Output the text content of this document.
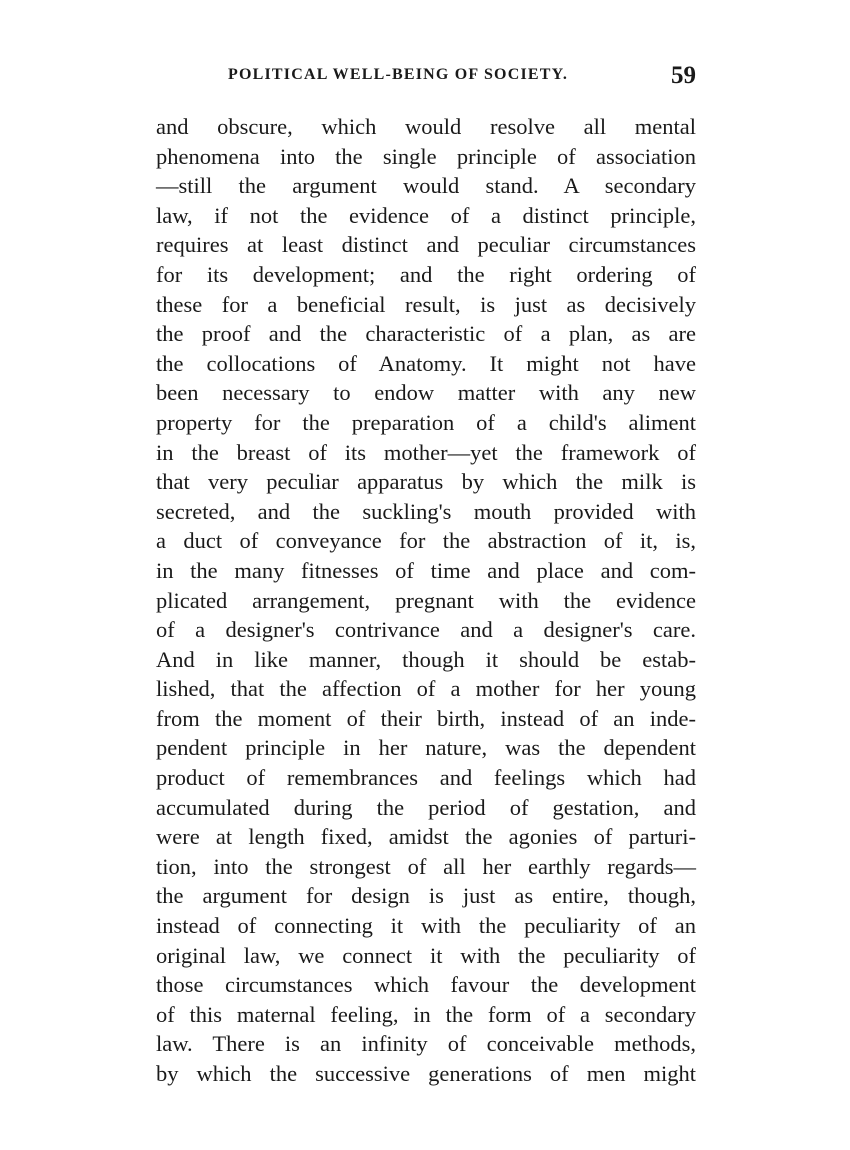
POLITICAL WELL-BEING OF SOCIETY.	59
and obscure, which would resolve all mental
phenomena into the single principle of association
—still the argument would stand. A secondary
law, if not the evidence of a distinct principle,
requires at least distinct and peculiar circumstances
for its development; and the right ordering of
these for a beneficial result, is just as decisively
the proof and the characteristic of a plan, as are
the collocations of Anatomy. It might not have
been necessary to endow matter with any new
property for the preparation of a child's aliment
in the breast of its mother—yet the framework of
that very peculiar apparatus by which the milk is
secreted, and the suckling's mouth provided with
a duct of conveyance for the abstraction of it, is,
in the many fitnesses of time and place and com-
plicated arrangement, pregnant with the evidence
of a designer's contrivance and a designer's care.
And in like manner, though it should be estab-
lished, that the affection of a mother for her young
from the moment of their birth, instead of an inde-
pendent principle in her nature, was the dependent
product of remembrances and feelings which had
accumulated during the period of gestation, and
were at length fixed, amidst the agonies of parturi-
tion, into the strongest of all her earthly regards—
the argument for design is just as entire, though,
instead of connecting it with the peculiarity of an
original law, we connect it with the peculiarity of
those circumstances which favour the development
of this maternal feeling, in the form of a secondary
law. There is an infinity of conceivable methods,
by which the successive generations of men might
